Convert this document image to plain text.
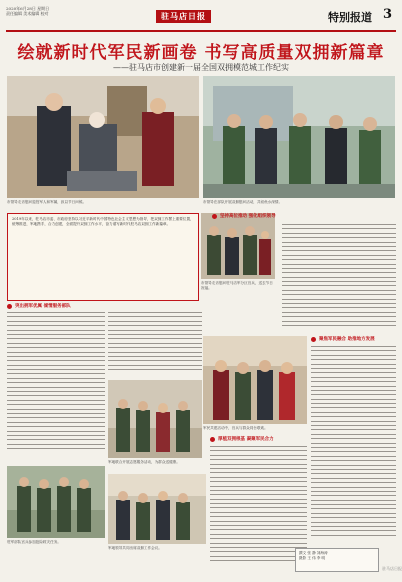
2020年6月28日 星期日
责任编辑 美术编辑 校对	驻马店日报	特别报道 3
绘就新时代军民新画卷 书写高质量双拥新篇章
——驻马店市创建新一届全国双拥模范城工作纪实
市领导走访慰问退役军人和军属，致以节日问候。	市领导在部队开展双拥慰问活动，共叙鱼水深情。
2019年以来，驻马店市委、市政府坚持以习近平新时代中国特色社会主义思想为指导，把双拥工作摆上重要位置，统筹推进，军地携手，合力创建，全面提升双拥工作水平，奋力谱写新时代驻马店双拥工作新篇章。
市领导走访慰问驻马店军分区官兵，送去节日祝福。
坚持高位推动 强化组织领导
突出拥军优属 倾情服务部队
军地联合开展志愿服务活动，为群众送健康。
军民共建活动中，官兵与群众同台联欢。
聚焦军民融合 助推地方发展
驻军部队官兵参加抢险救灾任务。
军地领导共同出席双拥工作会议。
厚植双拥根基 凝聚军民合力
撰文 张 静 刘海涛
摄影 王 伟 李 明
驻马店日报
